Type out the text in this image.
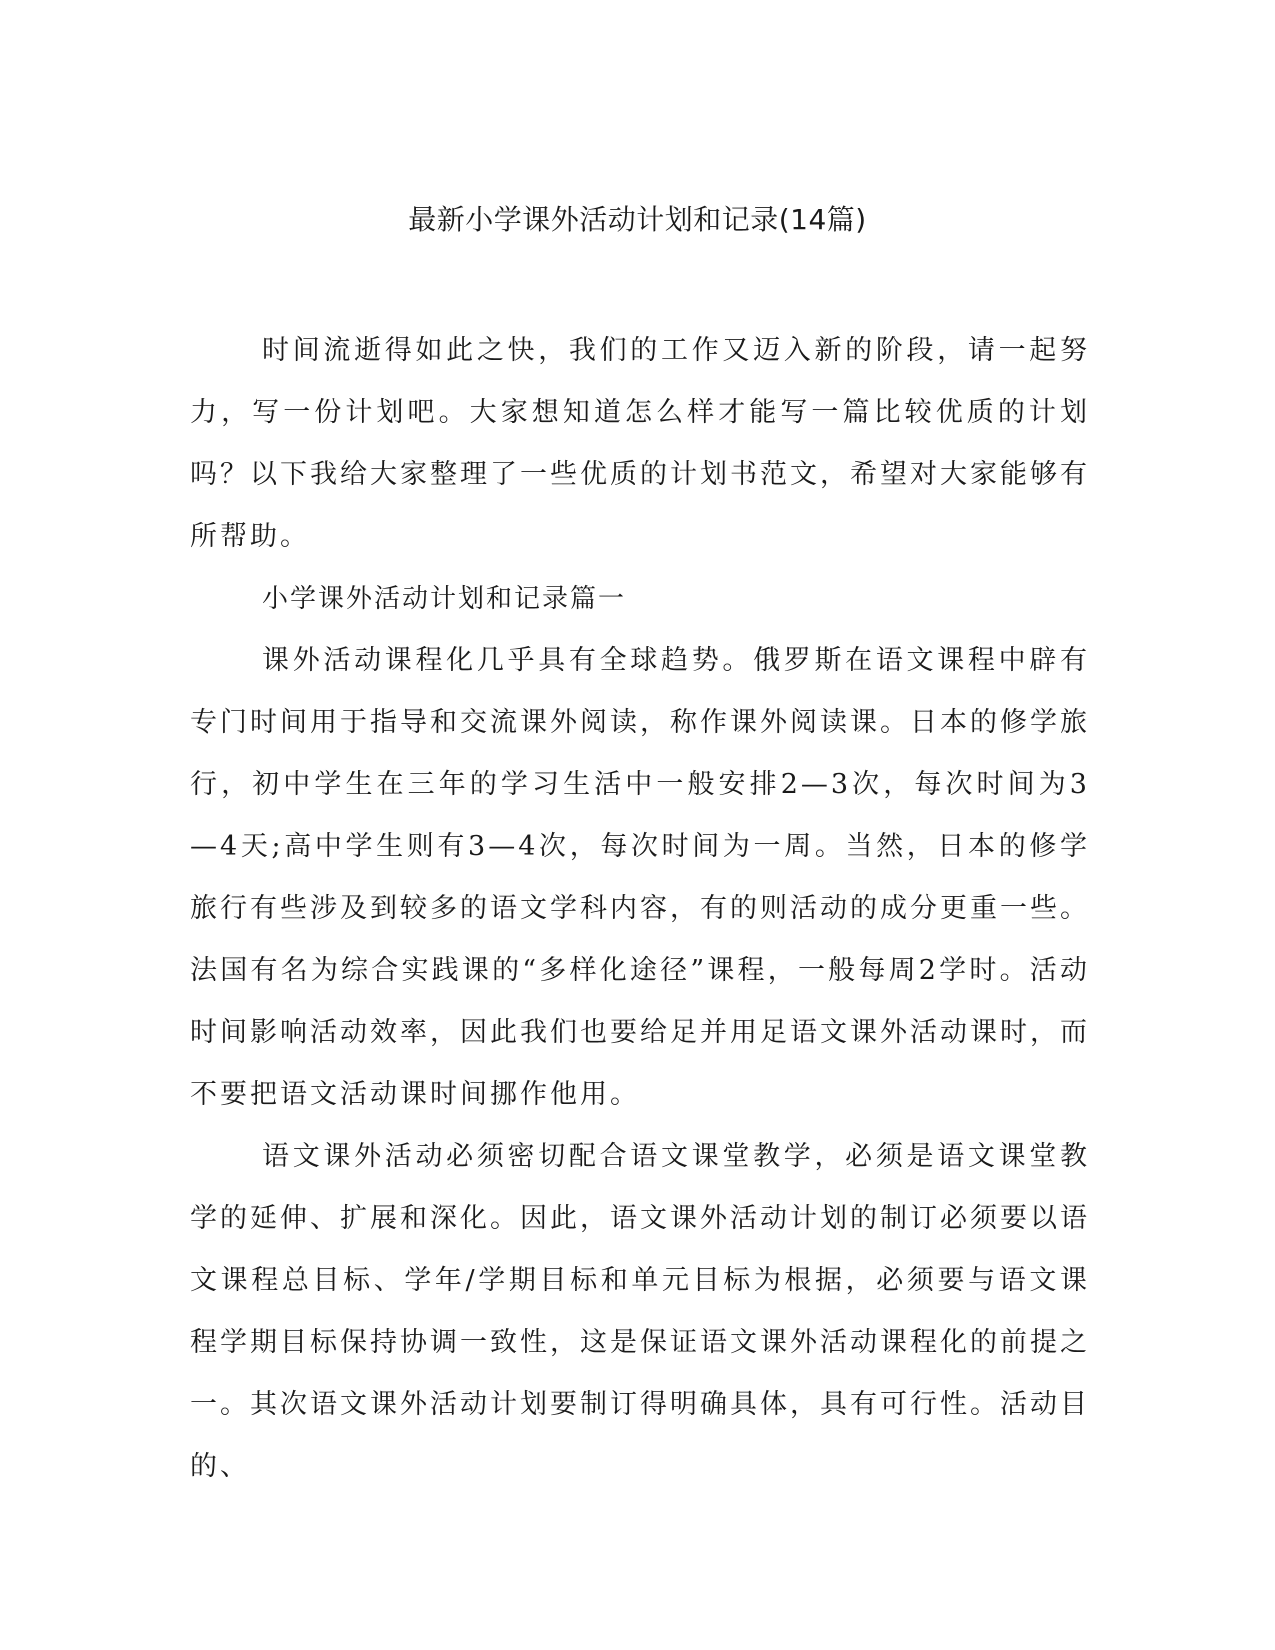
最新小学课外活动计划和记录(14篇)

时间流逝得如此之快，我们的工作又迈入新的阶段，请一起努力，写一份计划吧。大家想知道怎么样才能写一篇比较优质的计划吗？以下我给大家整理了一些优质的计划书范文，希望对大家能够有所帮助。

小学课外活动计划和记录篇一

课外活动课程化几乎具有全球趋势。俄罗斯在语文课程中辟有专门时间用于指导和交流课外阅读，称作课外阅读课。日本的修学旅行，初中学生在三年的学习生活中一般安排2—3次，每次时间为3—4天;高中学生则有3—4次，每次时间为一周。当然，日本的修学旅行有些涉及到较多的语文学科内容，有的则活动的成分更重一些。法国有名为综合实践课的“多样化途径”课程，一般每周2学时。活动时间影响活动效率，因此我们也要给足并用足语文课外活动课时，而不要把语文活动课时间挪作他用。

语文课外活动必须密切配合语文课堂教学，必须是语文课堂教学的延伸、扩展和深化。因此，语文课外活动计划的制订必须要以语文课程总目标、学年/学期目标和单元目标为根据，必须要与语文课程学期目标保持协调一致性，这是保证语文课外活动课程化的前提之一。其次语文课外活动计划要制订得明确具体，具有可行性。活动目的、
